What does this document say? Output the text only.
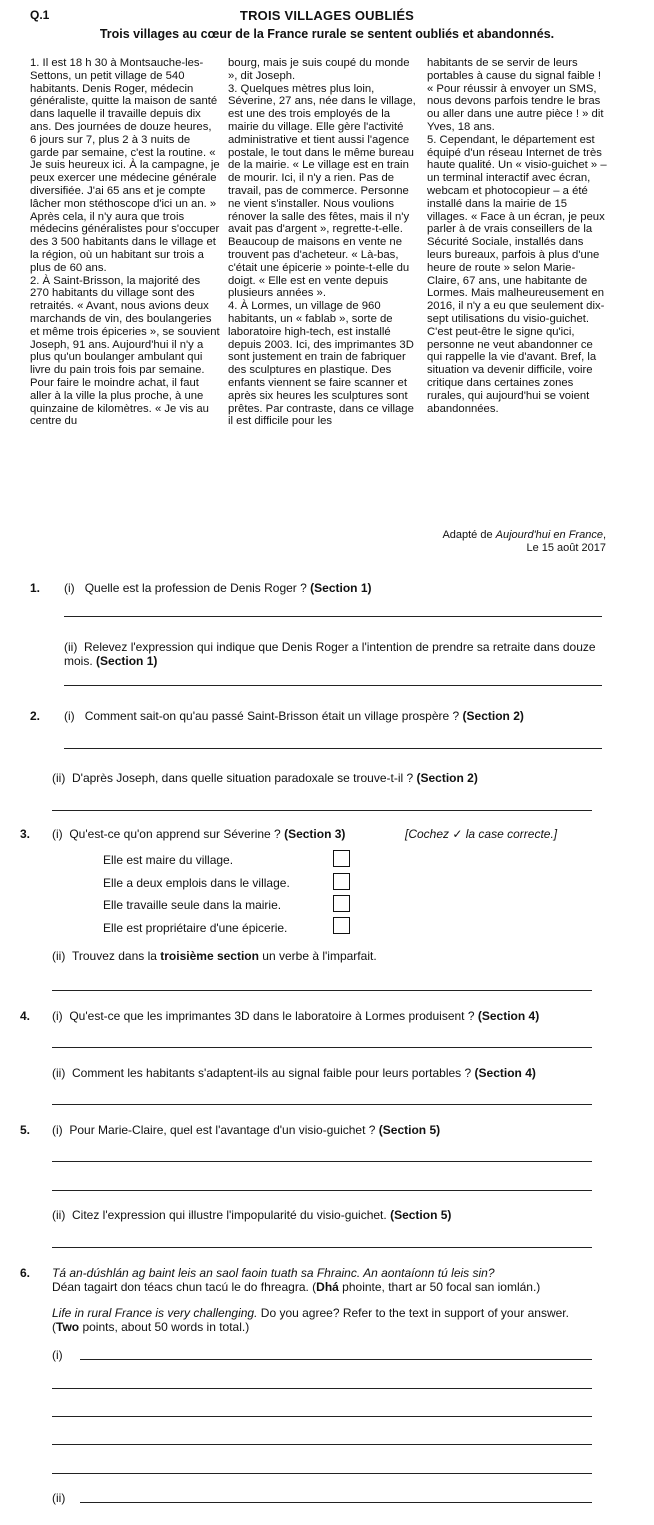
Q.1	TROIS VILLAGES OUBLIÉS
Trois villages au cœur de la France rurale se sentent oubliés et abandonnés.

1. Il est 18 h 30 à Montsauche-les-Settons, un petit village de 540 habitants. Denis Roger, médecin généraliste, quitte la maison de santé dans laquelle il travaille depuis dix ans. Des journées de douze heures, 6 jours sur 7, plus 2 à 3 nuits de garde par semaine, c'est la routine. « Je suis heureux ici. À la campagne, je peux exercer une médecine générale diversifiée. J'ai 65 ans et je compte lâcher mon stéthoscope d'ici un an. » Après cela, il n'y aura que trois médecins généralistes pour s'occuper des 3 500 habitants dans le village et la région, où un habitant sur trois a plus de 60 ans.

2. À Saint-Brisson, la majorité des 270 habitants du village sont des retraités. « Avant, nous avions deux marchands de vin, des boulangeries et même trois épiceries », se souvient Joseph, 91 ans. Aujourd'hui il n'y a plus qu'un boulanger ambulant qui livre du pain trois fois par semaine. Pour faire le moindre achat, il faut aller à la ville la plus proche, à une quinzaine de kilomètres. « Je vis au centre du

bourg, mais je suis coupé du monde », dit Joseph.

3. Quelques mètres plus loin, Séverine, 27 ans, née dans le village, est une des trois employés de la mairie du village. Elle gère l'activité administrative et tient aussi l'agence postale, le tout dans le même bureau de la mairie. « Le village est en train de mourir. Ici, il n'y a rien. Pas de travail, pas de commerce. Personne ne vient s'installer. Nous voulions rénover la salle des fêtes, mais il n'y avait pas d'argent », regrette-t-elle. Beaucoup de maisons en vente ne trouvent pas d'acheteur. « Là-bas, c'était une épicerie » pointe-t-elle du doigt. « Elle est en vente depuis plusieurs années ».

4. À Lormes, un village de 960 habitants, un « fablab », sorte de laboratoire high-tech, est installé depuis 2003. Ici, des imprimantes 3D sont justement en train de fabriquer des sculptures en plastique. Des enfants viennent se faire scanner et après six heures les sculptures sont prêtes. Par contraste, dans ce village il est difficile pour les

habitants de se servir de leurs portables à cause du signal faible ! « Pour réussir à envoyer un SMS, nous devons parfois tendre le bras ou aller dans une autre pièce ! » dit Yves, 18 ans.

5. Cependant, le département est équipé d'un réseau Internet de très haute qualité. Un « visio-guichet » – un terminal interactif avec écran, webcam et photocopieur – a été installé dans la mairie de 15 villages. « Face à un écran, je peux parler à de vrais conseillers de la Sécurité Sociale, installés dans leurs bureaux, parfois à plus d'une heure de route » selon Marie-Claire, 67 ans, une habitante de Lormes. Mais malheureusement en 2016, il n'y a eu que seulement dix-sept utilisations du visio-guichet. C'est peut-être le signe qu'ici, personne ne veut abandonner ce qui rappelle la vie d'avant. Bref, la situation va devenir difficile, voire critique dans certaines zones rurales, qui aujourd'hui se voient abandonnées.

Adapté de Aujourd'hui en France,
Le 15 août 2017
1. (i) Quelle est la profession de Denis Roger ? (Section 1)
(ii) Relevez l'expression qui indique que Denis Roger a l'intention de prendre sa retraite dans douze mois. (Section 1)
2. (i) Comment sait-on qu'au passé Saint-Brisson était un village prospère ? (Section 2)
(ii) D'après Joseph, dans quelle situation paradoxale se trouve-t-il ? (Section 2)
3. (i) Qu'est-ce qu'on apprend sur Séverine ? (Section 3)	[Cochez ✓ la case correcte.]
Elle est maire du village.
Elle a deux emplois dans le village.
Elle travaille seule dans la mairie.
Elle est propriétaire d'une épicerie.
(ii) Trouvez dans la troisième section un verbe à l'imparfait.
4. (i) Qu'est-ce que les imprimantes 3D dans le laboratoire à Lormes produisent ? (Section 4)
(ii) Comment les habitants s'adaptent-ils au signal faible pour leurs portables ? (Section 4)
5. (i) Pour Marie-Claire, quel est l'avantage d'un visio-guichet ? (Section 5)
(ii) Citez l'expression qui illustre l'impopularité du visio-guichet. (Section 5)
6. Tá an-dúshlán ag baint leis an saol faoin tuath sa Fhrainc. An aontaíonn tú leis sin?
Déan tagairt don téacs chun tacú le do fhreagra. (Dhá phointe, thart ar 50 focal san iomlán.)
Life in rural France is very challenging. Do you agree? Refer to the text in support of your answer. (Two points, about 50 words in total.)
(i)
(ii)
